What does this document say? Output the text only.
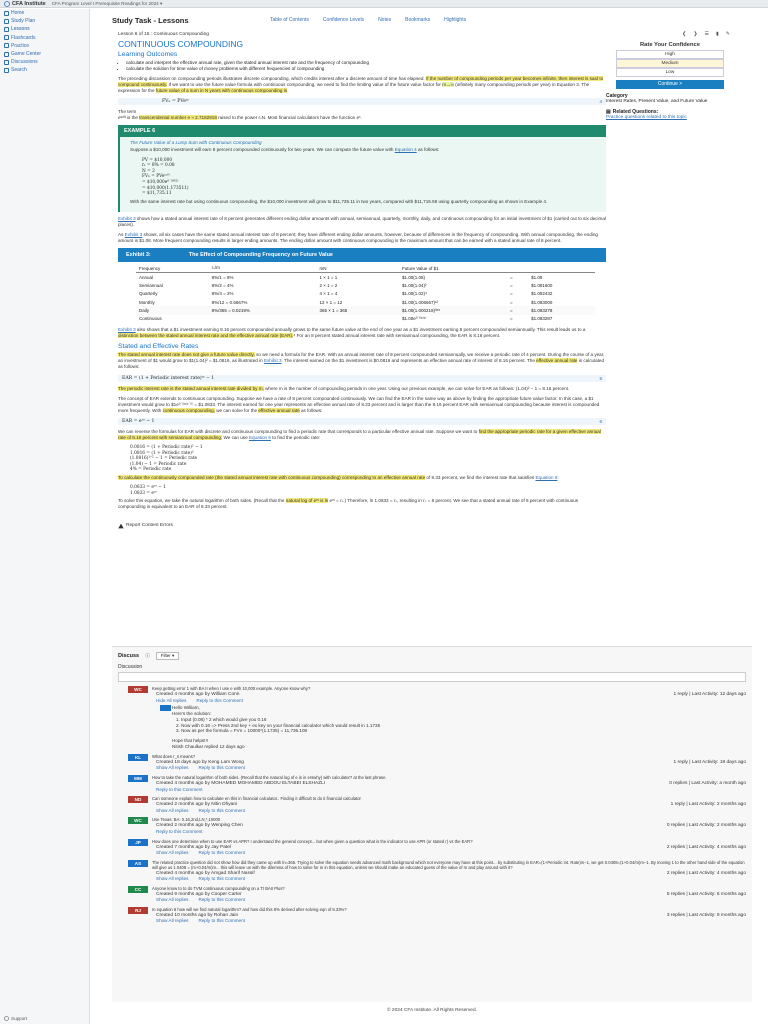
CFA Institute CFA Program Level I Prerequisite Readings for 2024 ▾
Home
Study Plan
Lessons
Flashcards
Practice
Game Center
Discussions
Search
Support
Study Task - Lessons	Table of Contents	Confidence Levels	Notes	Bookmarks	Highlights
Lesson 6 of 15 : Continuous Compounding
CONTINUOUS COMPOUNDING
Learning Outcomes
• calculate and interpret the effective annual rate, given the stated annual interest rate and the frequency of compounding
• calculate the solution for time value of money problems with different frequencies of compounding

The preceding discussion on compounding periods illustrates discrete compounding, which credits interest after a discrete amount of time has elapsed. If the number of compounding periods per year becomes infinite, then interest is said to compound continuously. If we want to use the future value formula with continuous compounding, we need to find the limiting value of the future value factor for m→∞ (infinitely many compounding periods per year) in Equation 3. The expression for the future value of a sum in N years with continuous compounding is

FVₙ = PVeˢᶜ	4

The term
eˢᶜᴺ is the transcendental number e ≈ 2.7182818 raised to the power rₛN. Most financial calculators have the function eˣ.

EXAMPLE 6
The Future Value of a Lump Sum with Continuous Compounding

Suppose a $10,000 investment will earn 8 percent compounded continuously for two years. We can compute the future value with Equation 4 as follows:

PV = $10,000
rₛ = 8% = 0.08
N = 2
FVₙ = PVeˢᶜᴺ
= $10,000e⁰˙⁰⁸⁽²⁾
= $10,000(1.173511)
= $11,735.11

With the same interest rate but using continuous compounding, the $10,000 investment will grow to $11,735.11 in two years, compared with $11,716.59 using quarterly compounding as shown in Example 4.

Exhibit 3 shows how a stated annual interest rate of 8 percent generates different ending dollar amounts with annual, semiannual, quarterly, monthly, daily, and continuous compounding for an initial investment of $1 (carried out to six decimal places).

As Exhibit 3 shows, all six cases have the same stated annual interest rate of 8 percent; they have different ending dollar amounts, however, because of differences in the frequency of compounding. With annual compounding, the ending amount is $1.08. More frequent compounding results in larger ending amounts. The ending dollar amount with continuous compounding is the maximum amount that can be earned with a stated annual rate of 8 percent.

Exhibit 3:	The Effect of Compounding Frequency on Future Value
Frequency	rₛ/m	mN	Future Value of $1		
Annual	8%/1 = 8%	1 × 1 = 1	$1.00(1.08)	=	$1.08
Semiannual	8%/2 = 4%	2 × 1 = 2	$1.00(1.04)²	=	$1.081600
Quarterly	8%/4 = 2%	4 × 1 = 4	$1.00(1.02)⁴	=	$1.082432
Monthly	8%/12 = 0.6667%	12 × 1 = 12	$1.00(1.006667)¹²	=	$1.083000
Daily	8%/365 = 0.0219%	365 × 1 = 365	$1.00(1.000219)³⁶⁵	=	$1.083278
Continuous			$1.00e⁰˙⁰⁸⁽¹⁾	=	$1.083287

Exhibit 3 also shows that a $1 investment earning 8.16 percent compounded annually grows to the same future value at the end of one year as a $1 investment earning 8 percent compounded semiannually. This result leads us to a distinction between the stated annual interest rate and the effective annual rate (EAR).⁴ For an 8 percent stated annual interest rate with semiannual compounding, the EAR is 8.16 percent.

Stated and Effective Rates

The stated annual interest rate does not give a future value directly, so we need a formula for the EAR. With an annual interest rate of 8 percent compounded semiannually, we receive a periodic rate of 4 percent. During the course of a year, an investment of $1 would grow to $1(1.04)² = $1.0816, as illustrated in Exhibit 3. The interest earned on the $1 investment is $0.0816 and represents an effective annual rate of interest of 8.16 percent. The effective annual rate is calculated as follows:

EAR = (1 + Periodic interest rate)ᵐ − 1	5

The periodic interest rate is the stated annual interest rate divided by m, where m is the number of compounding periods in one year. Using our previous example, we can solve for EAR as follows: (1.04)² − 1 = 8.16 percent.

The concept of EAR extends to continuous compounding. Suppose we have a rate of 8 percent compounded continuously. We can find the EAR in the same way as above by finding the appropriate future value factor. In this case, a $1 investment would grow to $1e⁰˙⁰⁸⁽¹˙⁰⁾ = $1.0833. The interest earned for one year represents an effective annual rate of 8.33 percent and is larger than the 8.16 percent EAR with semiannual compounding because interest is compounded more frequently. With continuous compounding, we can solve for the effective annual rate as follows:

EAR = eʳˢ − 1	6

We can reverse the formulas for EAR with discrete and continuous compounding to find a periodic rate that corresponds to a particular effective annual rate. Suppose we want to find the appropriate periodic rate for a given effective annual rate of 8.16 percent with semiannual compounding. We can use Equation 5 to find the periodic rate:

0.0816 = (1 + Periodic rate)² − 1
1.0816 = (1 + Periodic rate)²
(1.0816)¹ᐟ² − 1 = Periodic rate
(1.04) − 1 = Periodic rate
4% = Periodic rate

To calculate the continuously compounded rate (the stated annual interest rate with continuous compounding) corresponding to an effective annual rate of 8.33 percent, we find the interest rate that satisfies Equation 6:

0.0833 = eʳˢ − 1
1.0833 = eʳˢ

To solve this equation, we take the natural logarithm of both sides. (Recall that the natural log of eʳˢ is ln eʳˢ = rₛ.) Therefore, ln 1.0833 = rₛ, resulting in rₛ = 8 percent. We see that a stated annual rate of 8 percent with continuous compounding is equivalent to an EAR of 8.33 percent.

Report Content Errors
❮ ❯ ☰ ▮ ✎
Rate Your Confidence
High
Medium
Low
Continue >
Category
Interest Rates, Present Value, and Future Value
▤ Related Questions:
Practice questions related to this topic
Discuss ⓘ	Filter ▾
Discussion
WC	Keep getting error 1 with BA II when I use e with 10,000 example. Anyone know why?
Created 4 months ago by William Conn	1 reply | Last Activity: 12 days ago
Hide All replies Reply to this Comment
Hello William,
Here's the solution:
1. Input (0.08) * 2 which would give you 0.16
2. Now with 0.16 => Press 2nd key + ex key on your financial calculator which would result in 1.1735
3. Now as per the formula = FVn = 10000*(1.1735) = 11,735.108
Hope that helps!!!
Nitish Chaulkar replied 12 days ago
KL	What does r_s means?
Created 18 days ago by Keng Lam Wong	1 reply | Last Activity: 18 days ago
Show All replies Reply to this Comment
MM	How to take the natural logarithm of both sides. (Recall that the natural log of e is in erswhy) with calculator? at the last phrase.
Created 4 months ago by MOHAMED MOHAMED ABDOU ELTABEI ELSHAZLI	0 replies | Last Activity: a month ago
Reply to this Comment
ND	Can someone explain how to calculate en this in financial calculator.. Finding it difficult to do it financial calculator
Created 2 months ago by Nitin Dhyani	1 reply | Last Activity: 2 months ago
Show All replies Reply to this Comment
WC	Use Texas: BA: 0.16,2nd,LN,*,10000
Created 2 months ago by Wenping Chen	0 replies | Last Activity: 2 months ago
Reply to this Comment
JP	How does one determine when to use EAR vs APR? I understand the general concept... but when given a question what is the indicator to use APR (or stated r) vs the EAR?
Created 7 months ago by Jay Patel	2 replies | Last Activity: 4 months ago
Show All replies Reply to this Comment
AS	The related practice question did not show how did they came up with ln=365. Trying to solve the equation needs advanced math background which not everyone may have at this point... by substituting in EAR=(1+Periodic int. Rate)m−1, we get 0.0408=(1+0.04/m)m−1. By moving 1 to the other hand side of the equation will give us 1.0408 = (m+0.04/m)m... this will leave us with the dilemma of how to solve for m in this equation, unless we should make an educated guess of the value of m and play around with it?
Created 4 months ago by Amgad Sharif Nassif	2 replies | Last Activity: 4 months ago
Show All replies Reply to this Comment
CC	Anyone know to to do TVM continuous compounding on a TI BAII Plus?
Created 9 months ago by Cooper Carter	5 replies | Last Activity: 6 months ago
Show All replies Reply to this Comment
RJ	In equation 6 how will we find natural logarithm? and how did this 8% derived after solving eqn of 8.33%?
Created 10 months ago by Rohan Jain	3 replies | Last Activity: 9 months ago
Show All replies Reply to this Comment
© 2024 CFA Institute. All Rights Reserved.
